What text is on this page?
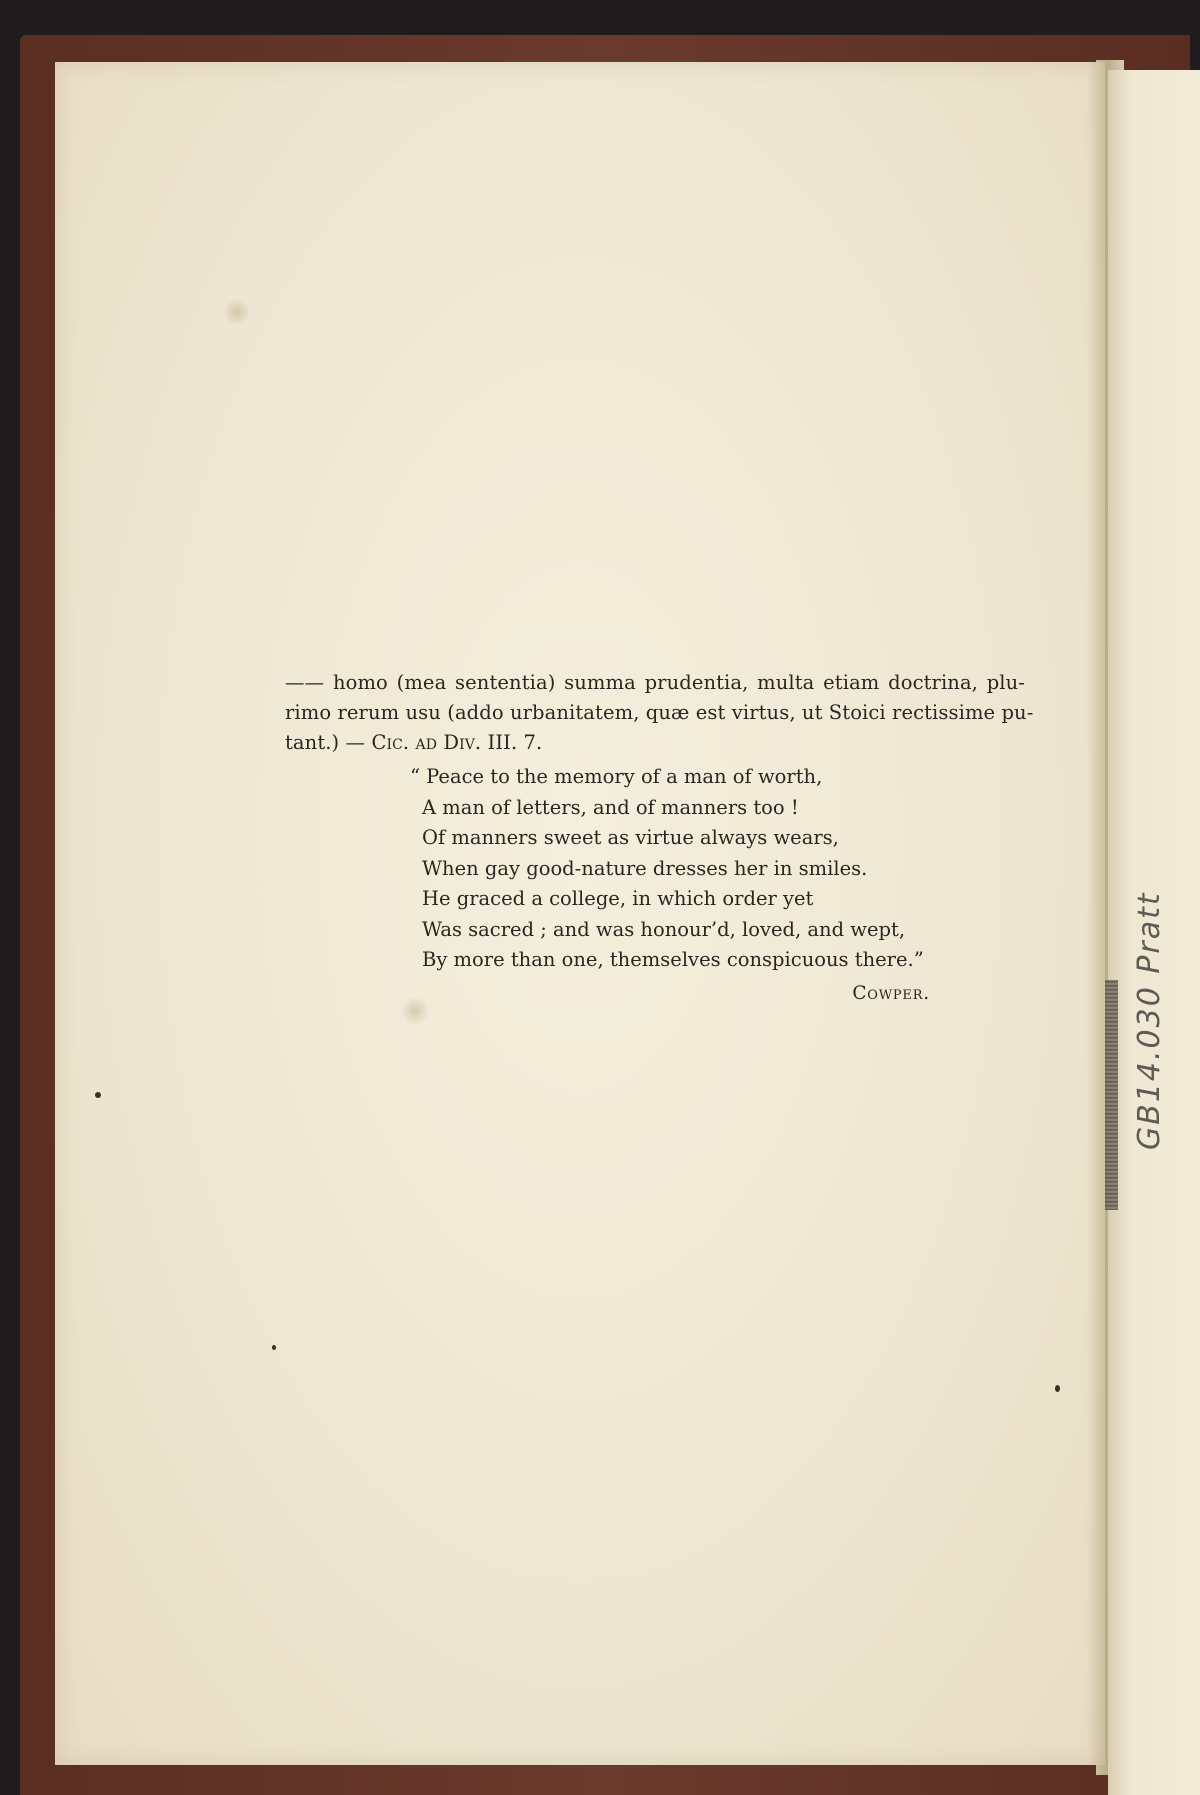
—— homo (mea sententia) summa prudentia, multa etiam doctrina, plu-
rimo rerum usu (addo urbanitatem, quæ est virtus, ut Stoici rectissime pu-
tant.) — Cic. ad Div. III. 7.

“ Peace to the memory of a man of worth,
A man of letters, and of manners too !
Of manners sweet as virtue always wears,
When gay good-nature dresses her in smiles.
He graced a college, in which order yet
Was sacred ; and was honour’d, loved, and wept,
By more than one, themselves conspicuous there.”
Cowper.	GB14.030 Pratt
